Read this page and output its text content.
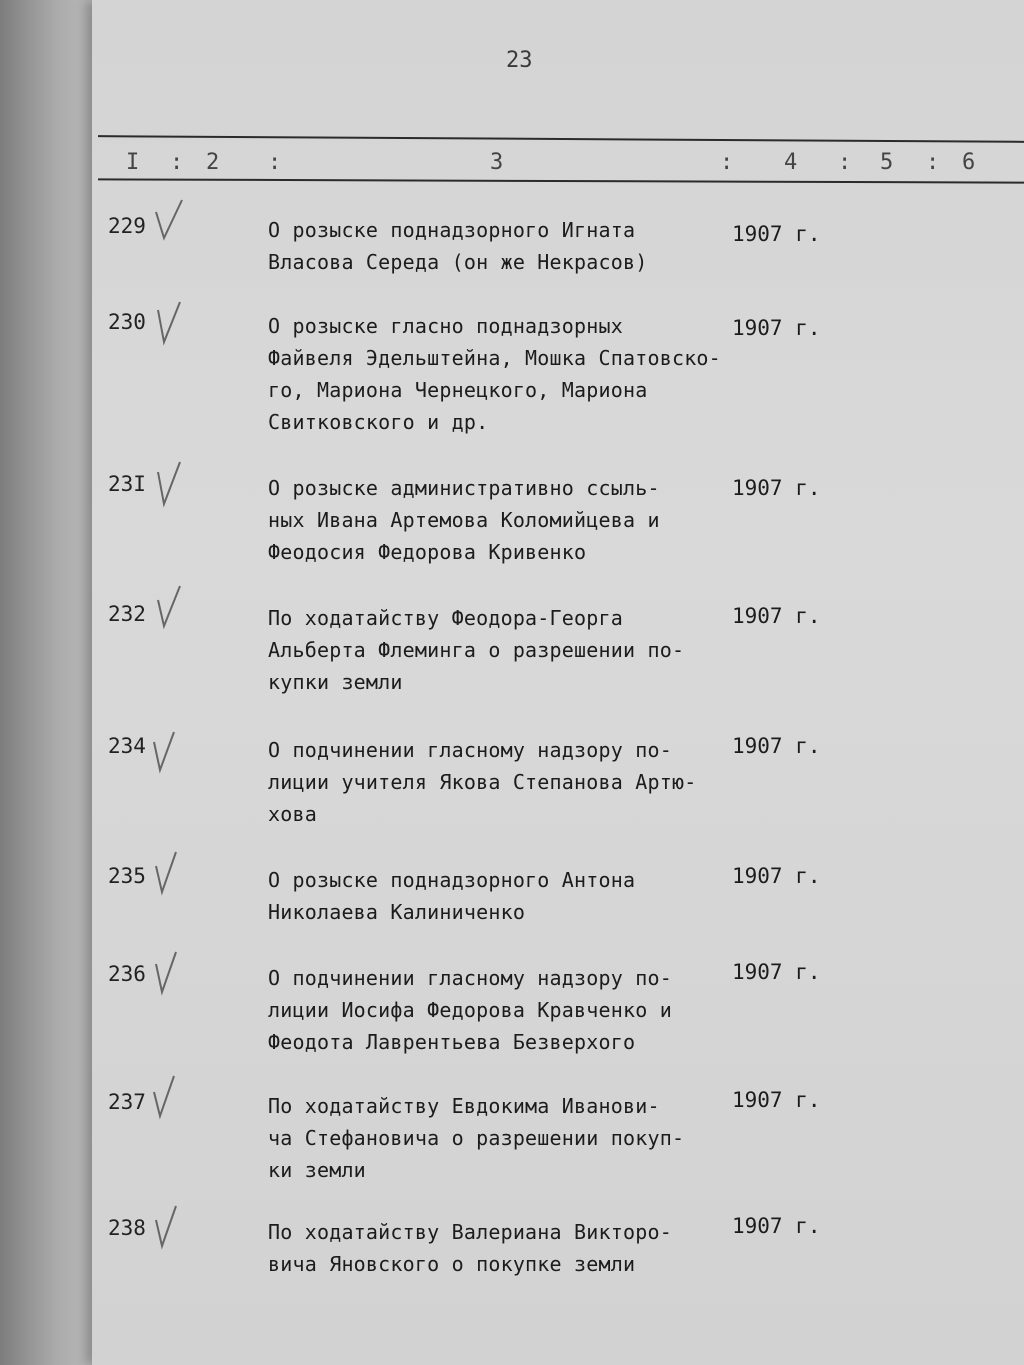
23
I : 2 :	3	: 4 : 5 : 6
229	О розыске поднадзорного Игната
Власова Середа (он же Некрасов)
1907 г.
230	О розыске гласно поднадзорных
Файвеля Эдельштейна, Мошка Спатовско-
го, Мариона Чернецкого, Мариона
Свитковского и др.
1907 г.
23I	О розыске административно ссыль-
ных Ивана Артемова Коломийцева и
Феодосия Федорова Кривенко
1907 г.
232	По ходатайству Феодора-Георга
Альберта Флеминга о разрешении по-
купки земли
1907 г.
234	О подчинении гласному надзору по-
лиции учителя Якова Степанова Артю-
хова
1907 г.
235	О розыске поднадзорного Антона
Николаева Калиниченко
1907 г.
236	О подчинении гласному надзору по-
лиции Иосифа Федорова Кравченко и
Феодота Лаврентьева Безверхого
1907 г.
237	По ходатайству Евдокима Иванови-
ча Стефановича о разрешении покуп-
ки земли
1907 г.
238	По ходатайству Валериана Викторо-
вича Яновского о покупке земли
1907 г.
